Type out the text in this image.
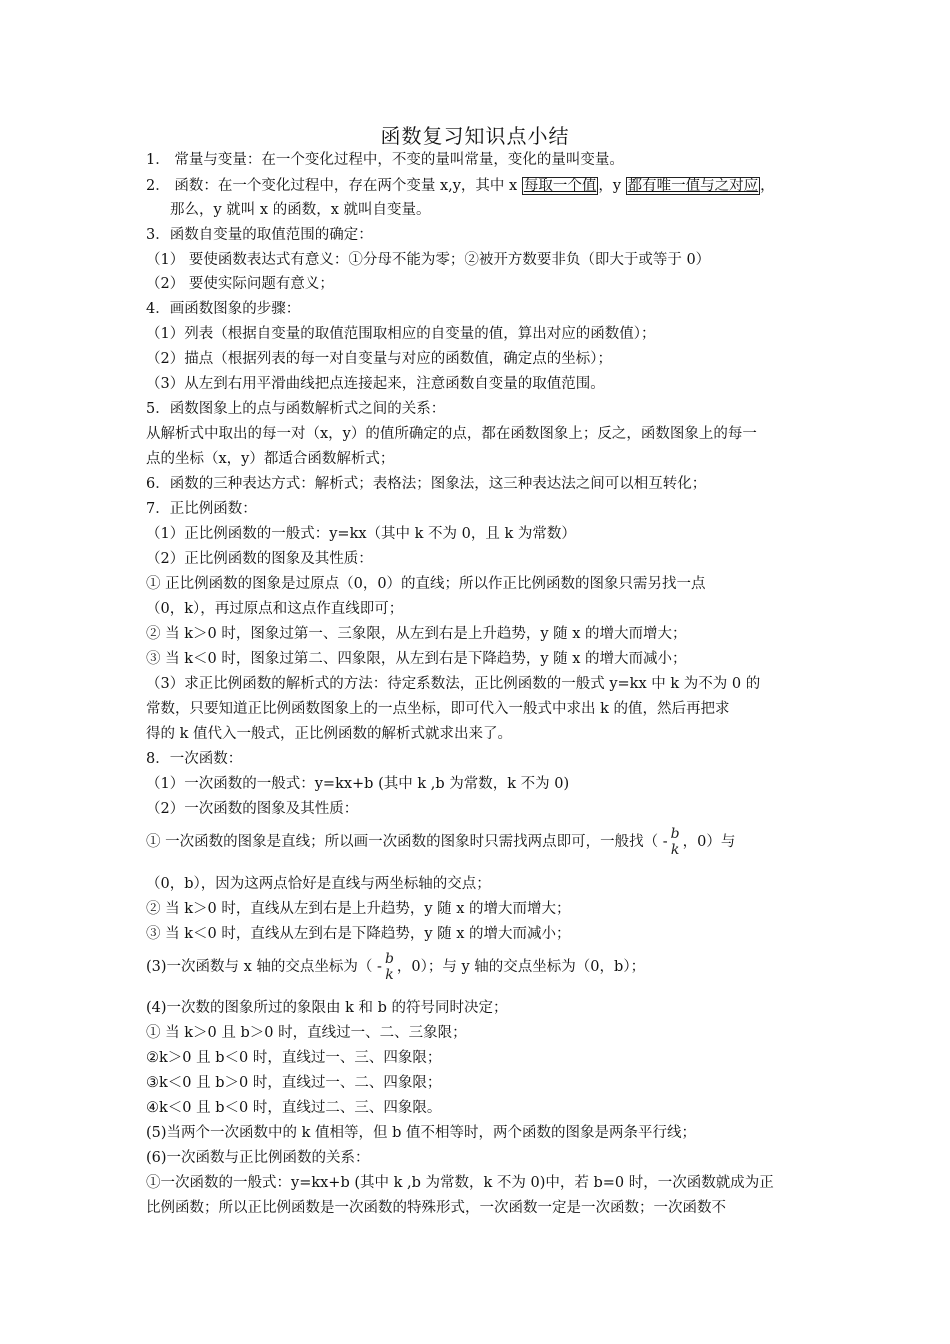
函数复习知识点小结
1． 常量与变量：在一个变化过程中，不变的量叫常量，变化的量叫变量。
2． 函数：在一个变化过程中，存在两个变量 x,y，其中 x 每取一个值 ，y 都有唯一值与之对应 ，
那么，y 就叫 x 的函数，x 就叫自变量。
3．函数自变量的取值范围的确定：
（1） 要使函数表达式有意义：①分母不能为零；②被开方数要非负（即大于或等于 0）
（2） 要使实际问题有意义；
4．画函数图象的步骤：
（1）列表（根据自变量的取值范围取相应的自变量的值，算出对应的函数值）；
（2）描点（根据列表的每一对自变量与对应的函数值，确定点的坐标）；
（3）从左到右用平滑曲线把点连接起来，注意函数自变量的取值范围。
5．函数图象上的点与函数解析式之间的关系：
从解析式中取出的每一对（x，y）的值所确定的点，都在函数图象上；反之，函数图象上的每一
点的坐标（x，y）都适合函数解析式；
6．函数的三种表达方式：解析式；表格法；图象法，这三种表达法之间可以相互转化；
7．正比例函数：
（1）正比例函数的一般式：y=kx（其中 k 不为 0，且 k 为常数）
（2）正比例函数的图象及其性质：
① 正比例函数的图象是过原点（0，0）的直线；所以作正比例函数的图象只需另找一点
（0，k），再过原点和这点作直线即可；
② 当 k＞0 时，图象过第一、三象限，从左到右是上升趋势，y 随 x 的增大而增大；
③ 当 k＜0 时，图象过第二、四象限，从左到右是下降趋势，y 随 x 的增大而减小；
（3）求正比例函数的解析式的方法：待定系数法，正比例函数的一般式 y=kx 中 k 为不为 0 的
常数，只要知道正比例函数图象上的一点坐标，即可代入一般式中求出 k 的值，然后再把求
得的 k 值代入一般式，正比例函数的解析式就求出来了。
8．一次函数：
（1）一次函数的一般式：y=kx+b (其中 k ,b 为常数，k 不为 0)
（2）一次函数的图象及其性质：
① 一次函数的图象是直线；所以画一次函数的图象时只需找两点即可，一般找（ - b
k ，0）与
（0，b），因为这两点恰好是直线与两坐标轴的交点；
② 当 k＞0 时，直线从左到右是上升趋势，y 随 x 的增大而增大；
③ 当 k＜0 时，直线从左到右是下降趋势，y 随 x 的增大而减小；
(3)一次函数与 x 轴的交点坐标为（ - b
k ，0）；与 y 轴的交点坐标为（0，b）；
(4)一次数的图象所过的象限由 k 和 b 的符号同时决定；
① 当 k＞0 且 b＞0 时，直线过一、二、三象限；
②k＞0 且 b＜0 时，直线过一、三、四象限；
③k＜0 且 b＞0 时，直线过一、二、四象限；
④k＜0 且 b＜0 时，直线过二、三、四象限。
(5)当两个一次函数中的 k 值相等，但 b 值不相等时，两个函数的图象是两条平行线；
(6)一次函数与正比例函数的关系：
①一次函数的一般式：y=kx+b (其中 k ,b 为常数，k 不为 0)中，若 b=0 时，一次函数就成为正
比例函数；所以正比例函数是一次函数的特殊形式，一次函数一定是一次函数；一次函数不
